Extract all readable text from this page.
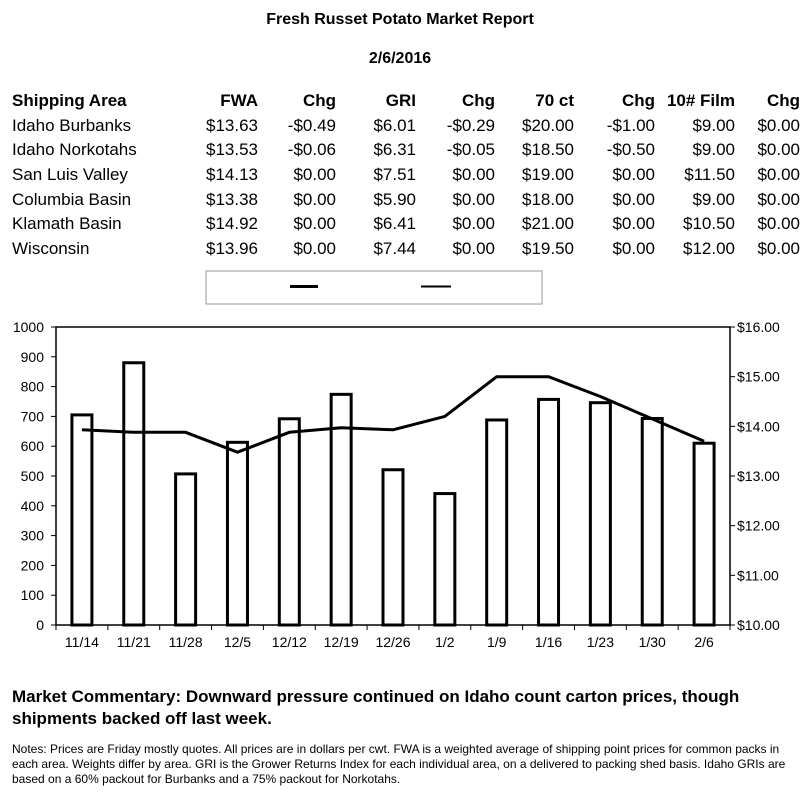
Fresh Russet Potato Market Report
2/6/2016
Shipping Area	FWA	Chg	GRI	Chg	70 ct	Chg	10# Film	Chg
Idaho Burbanks	$13.63	-$0.49	$6.01	-$0.29	$20.00	-$1.00	$9.00	$0.00
Idaho Norkotahs	$13.53	-$0.06	$6.31	-$0.05	$18.50	-$0.50	$9.00	$0.00
San Luis Valley	$14.13	$0.00	$7.51	$0.00	$19.00	$0.00	$11.50	$0.00
Columbia Basin	$13.38	$0.00	$5.90	$0.00	$18.00	$0.00	$9.00	$0.00
Klamath Basin	$14.92	$0.00	$6.41	$0.00	$21.00	$0.00	$10.50	$0.00
Wisconsin	$13.96	$0.00	$7.44	$0.00	$19.50	$0.00	$12.00	$0.00
0
100
200
300
400
500
600
700
800
900
1000
$10.00
$11.00
$12.00
$13.00
$14.00
$15.00
$16.00
11/14 11/21 11/28 12/5 12/12 12/19 12/26 1/2 1/9 1/16 1/23 1/30 2/6
Market Commentary: Downward pressure continued on Idaho count carton prices, though shipments backed off last week.
Notes: Prices are Friday mostly quotes. All prices are in dollars per cwt. FWA is a weighted average of shipping point prices for common packs in each area. Weights differ by area. GRI is the Grower Returns Index for each individual area, on a delivered to packing shed basis. Idaho GRIs are based on a 60% packout for Burbanks and a 75% packout for Norkotahs.
